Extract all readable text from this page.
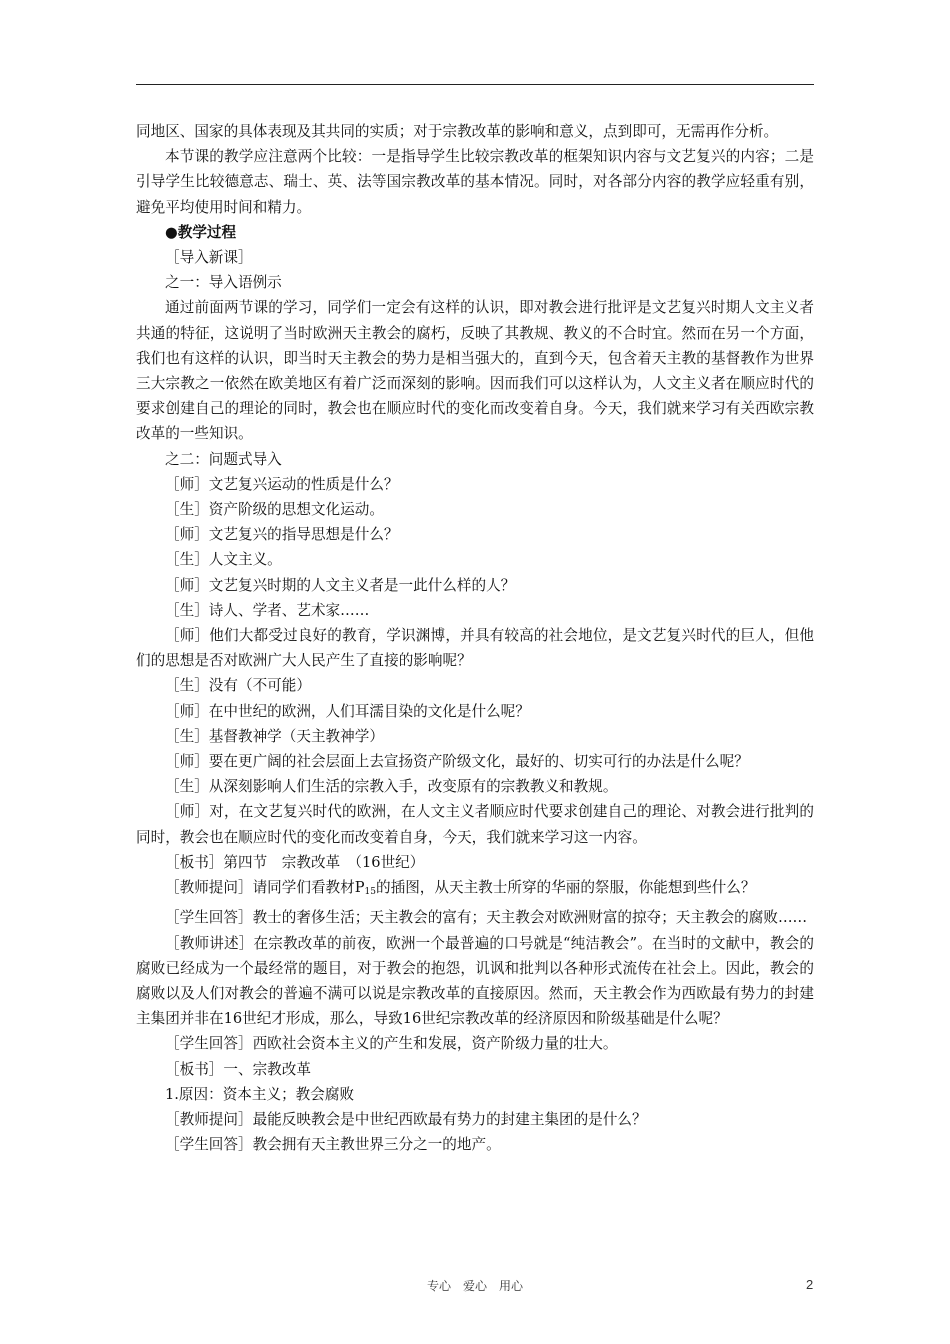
同地区、国家的具体表现及其共同的实质；对于宗教改革的影响和意义，点到即可，无需再作分析。

本节课的教学应注意两个比较：一是指导学生比较宗教改革的框架知识内容与文艺复兴的内容；二是引导学生比较德意志、瑞士、英、法等国宗教改革的基本情况。同时，对各部分内容的教学应轻重有别，避免平均使用时间和精力。

●教学过程

［导入新课］

之一：导入语例示

通过前面两节课的学习，同学们一定会有这样的认识，即对教会进行批评是文艺复兴时期人文主义者共通的特征，这说明了当时欧洲天主教会的腐朽，反映了其教规、教义的不合时宜。然而在另一个方面，我们也有这样的认识，即当时天主教会的势力是相当强大的，直到今天，包含着天主教的基督教作为世界三大宗教之一依然在欧美地区有着广泛而深刻的影响。因而我们可以这样认为，人文主义者在顺应时代的要求创建自己的理论的同时，教会也在顺应时代的变化而改变着自身。今天，我们就来学习有关西欧宗教改革的一些知识。

之二：问题式导入

［师］文艺复兴运动的性质是什么？

［生］资产阶级的思想文化运动。

［师］文艺复兴的指导思想是什么？

［生］人文主义。

［师］文艺复兴时期的人文主义者是一此什么样的人？

［生］诗人、学者、艺术家……

［师］他们大都受过良好的教育，学识渊博，并具有较高的社会地位，是文艺复兴时代的巨人，但他们的思想是否对欧洲广大人民产生了直接的影响呢？

［生］没有（不可能）

［师］在中世纪的欧洲，人们耳濡目染的文化是什么呢？

［生］基督教神学（天主教神学）

［师］要在更广阔的社会层面上去宣扬资产阶级文化，最好的、切实可行的办法是什么呢？

［生］从深刻影响人们生活的宗教入手，改变原有的宗教教义和教规。

［师］对，在文艺复兴时代的欧洲，在人文主义者顺应时代要求创建自己的理论、对教会进行批判的同时，教会也在顺应时代的变化而改变着自身，今天，我们就来学习这一内容。

［板书］第四节　宗教改革　（16世纪）

［教师提问］请同学们看教材$P_{15}$的插图，从天主教士所穿的华丽的祭服，你能想到些什么？

［学生回答］教士的奢侈生活；天主教会的富有；天主教会对欧洲财富的掠夺；天主教会的腐败……

［教师讲述］在宗教改革的前夜，欧洲一个最普遍的口号就是“纯洁教会”。在当时的文献中，教会的腐败已经成为一个最经常的题目，对于教会的抱怨，讥讽和批判以各种形式流传在社会上。因此，教会的腐败以及人们对教会的普遍不满可以说是宗教改革的直接原因。然而，天主教会作为西欧最有势力的封建主集团并非在16世纪才形成，那么，导致16世纪宗教改革的经济原因和阶级基础是什么呢？

［学生回答］西欧社会资本主义的产生和发展，资产阶级力量的壮大。

［板书］一、宗教改革

1.原因：资本主义；教会腐败

［教师提问］最能反映教会是中世纪西欧最有势力的封建主集团的是什么？

［学生回答］教会拥有天主教世界三分之一的地产。

专心　爱心　用心	2
